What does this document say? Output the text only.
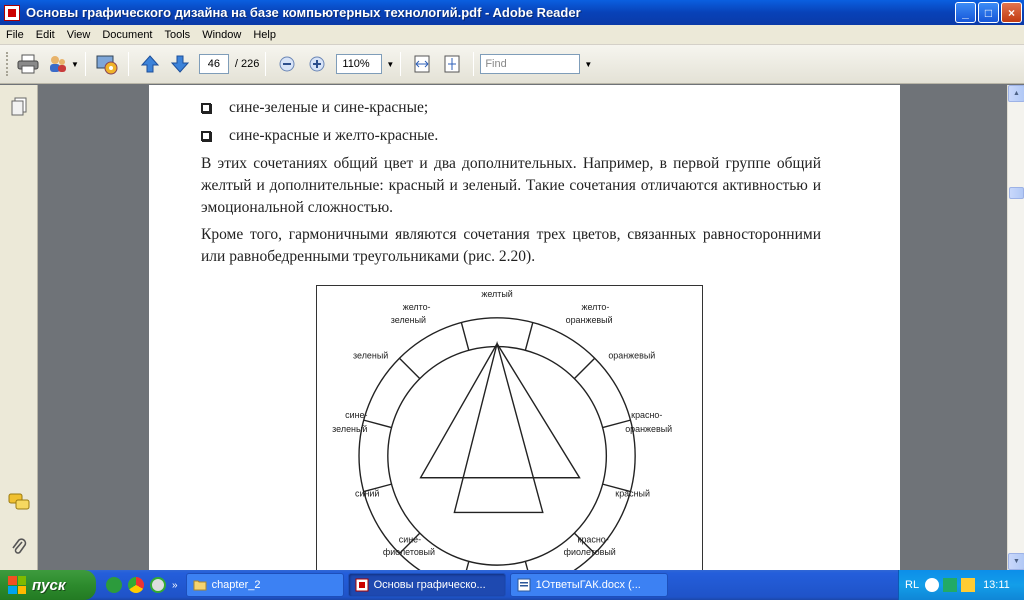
Основы графического дизайна на базе компьютерных технологий.pdf - Adobe Reader	_	□	×
File	Edit	View	Document	Tools	Window	Help
▼	46	/ 226	110%	▼	Find	▼
сине-зеленые и сине-красные;
сине-красные и желто-красные.
В этих сочетаниях общий цвет и два дополнительных. Например, в первой группе общий желтый и дополнительные: красный и зеленый. Такие сочетания отличаются активностью и эмоциональной сложностью.
Кроме того, гармоничными являются сочетания трех цветов, связанных равносторонними или равнобедренными треугольниками (рис. 2.20).
желтый
желто-
оранжевый
оранжевый
красно-
оранжевый
красный
красно-
фиолетовый
сине-
фиолетовый
синий
сине-
зеленый
зеленый
желто-
зеленый
▲
▼
пуск	»	chapter_2	Основы графическо...	1ОтветыГАК.docx (...	RL	13:11
